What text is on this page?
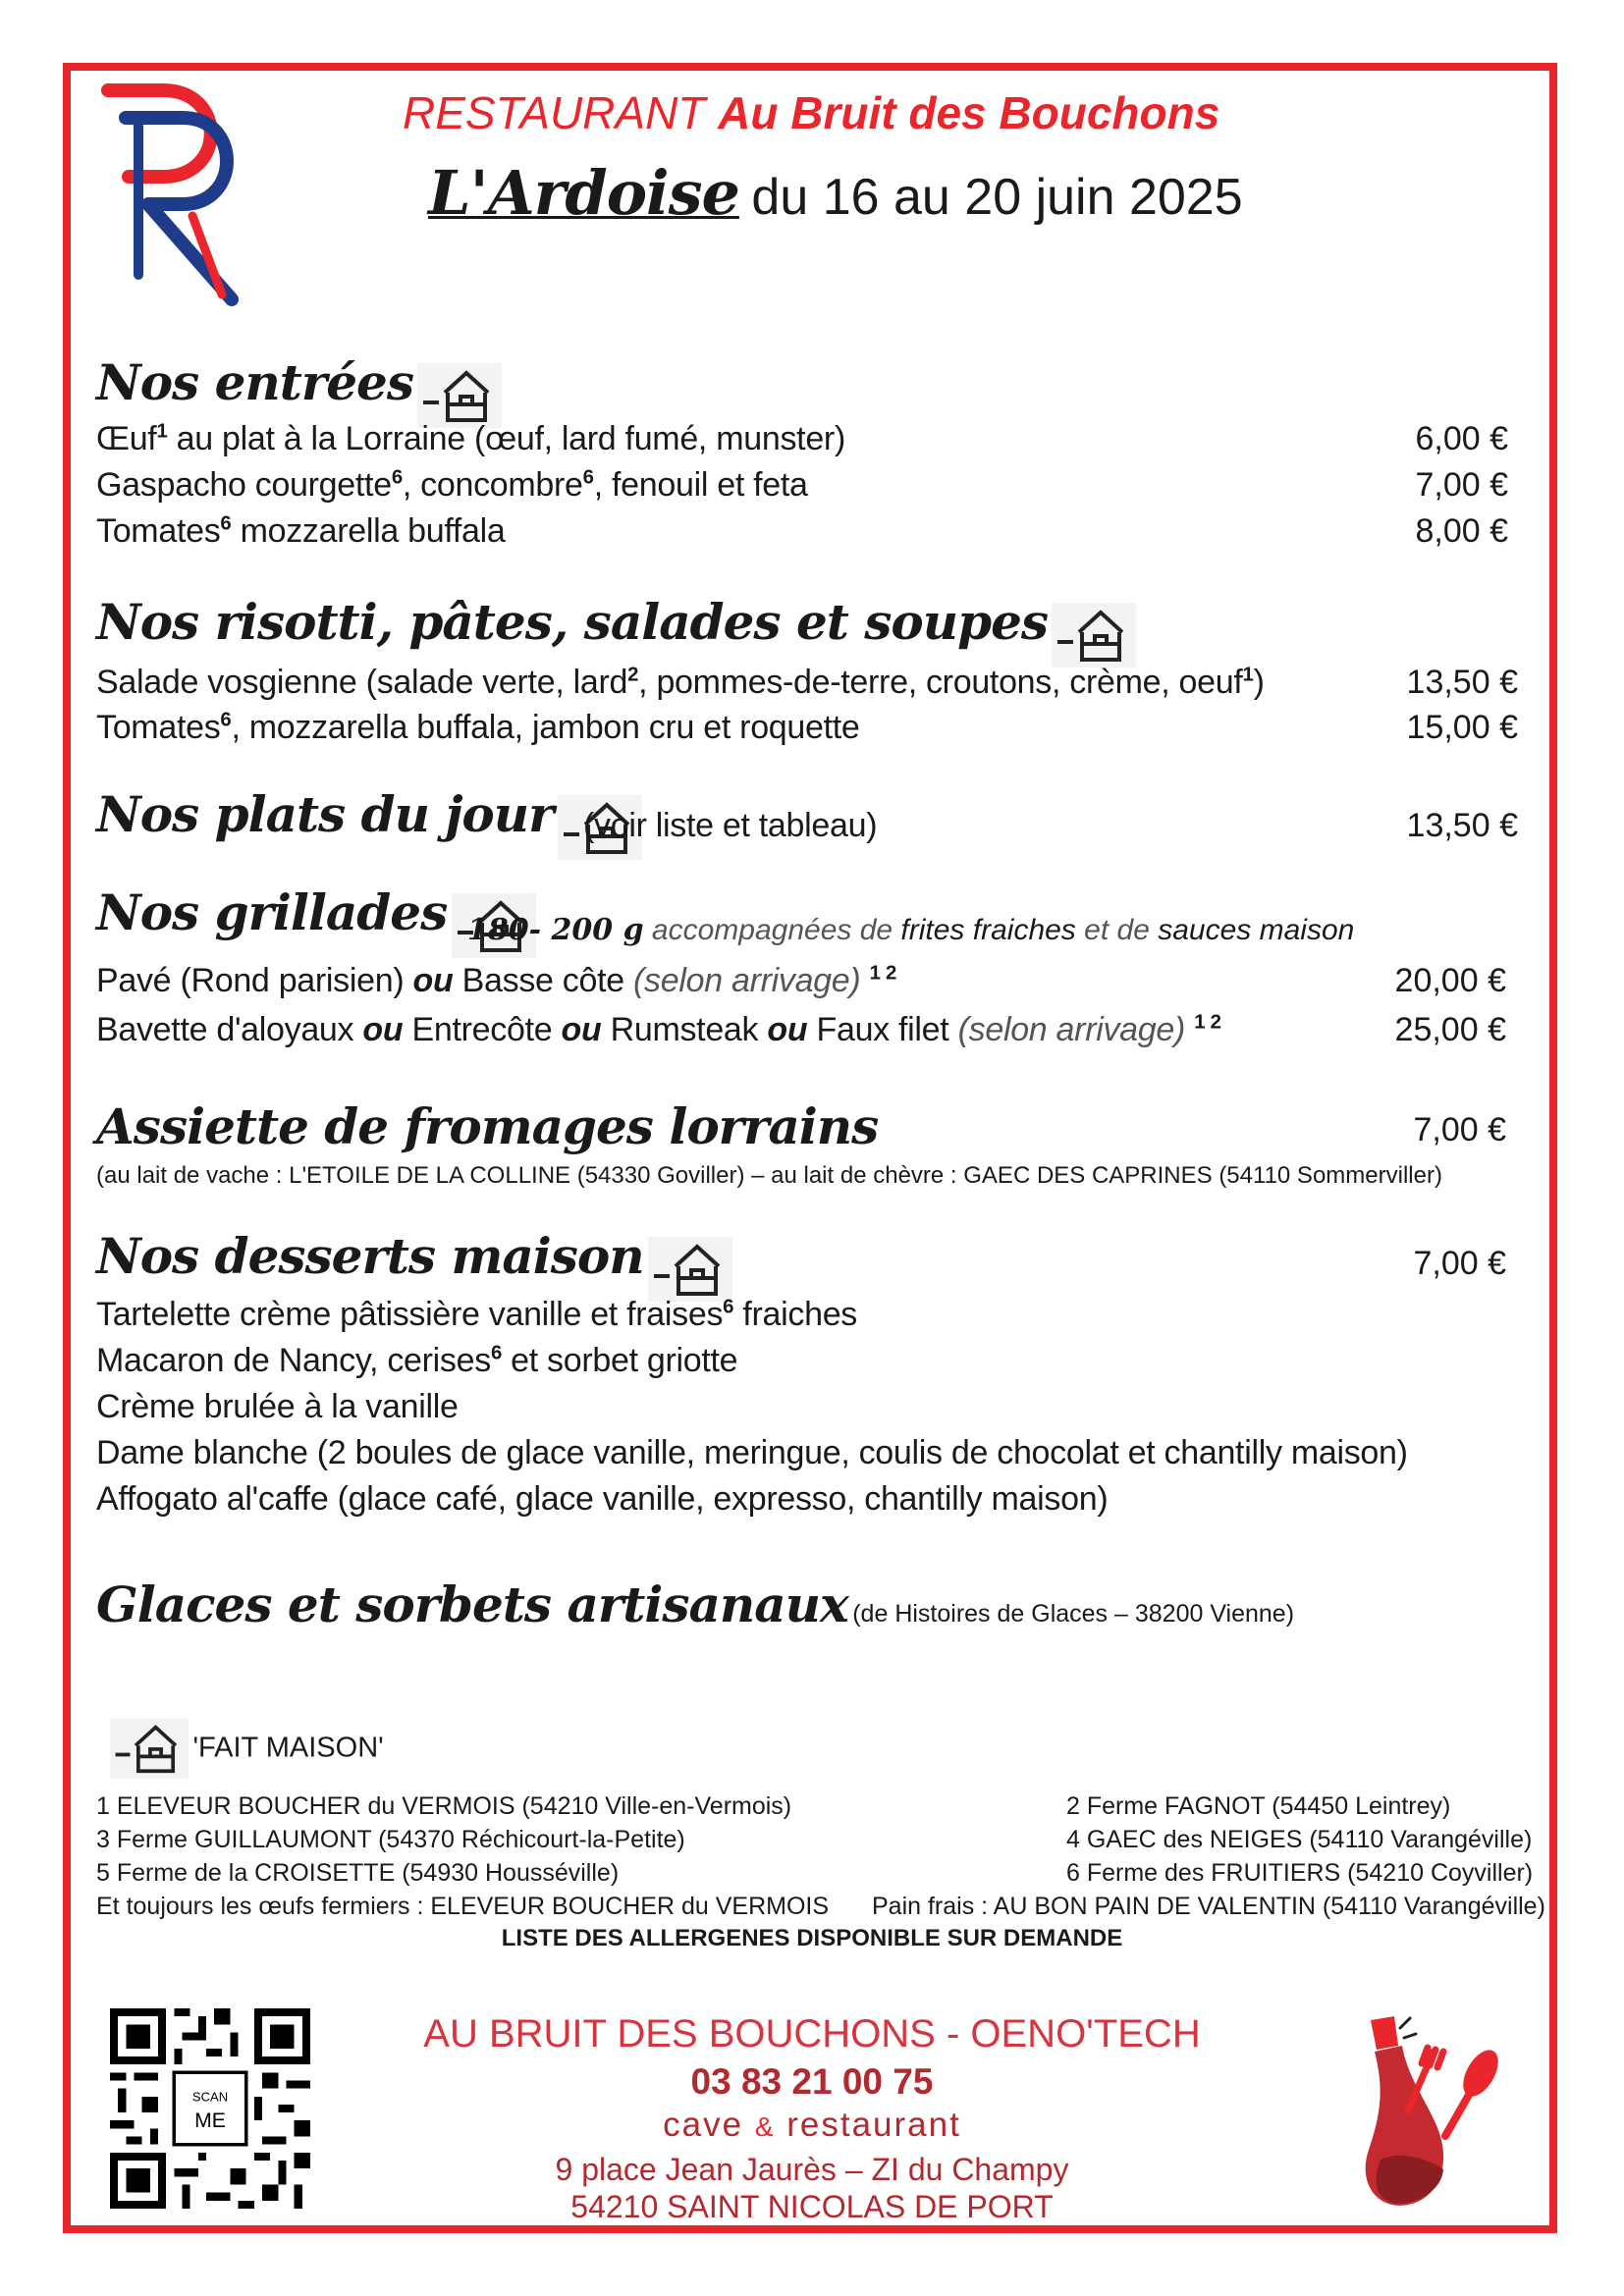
RESTAURANT Au Bruit des Bouchons
L'Ardoise du 16 au 20 juin 2025
Nos entrées
Œuf$^1$ au plat à la Lorraine (œuf, lard fumé, munster)	6,00 €
Gaspacho courgette$^6$, concombre$^6$, fenouil et feta	7,00 €
Tomates$^6$ mozzarella buffala	8,00 €
Nos risotti, pâtes, salades et soupes
Salade vosgienne (salade verte, lard$^2$, pommes-de-terre, croutons, crème, oeuf$^1$)	13,50 €
Tomates$^6$, mozzarella buffala, jambon cru et roquette	15,00 €
Nos plats du jour (voir liste et tableau)	13,50 €
Nos grillades 180- 200 g accompagnées de frites fraiches et de sauces maison
Pavé (Rond parisien) ou Basse côte (selon arrivage) $^{1 2}$	20,00 €
Bavette d'aloyaux ou Entrecôte ou Rumsteak ou Faux filet (selon arrivage) $^{1 2}$	25,00 €
Assiette de fromages lorrains	7,00 €
(au lait de vache : L'ETOILE DE LA COLLINE (54330 Goviller) – au lait de chèvre : GAEC DES CAPRINES (54110 Sommerviller)
Nos desserts maison	7,00 €
Tartelette crème pâtissière vanille et fraises$^6$ fraiches
Macaron de Nancy, cerises$^6$ et sorbet griotte
Crème brulée à la vanille
Dame blanche (2 boules de glace vanille, meringue, coulis de chocolat et chantilly maison)
Affogato al'caffe (glace café, glace vanille, expresso, chantilly maison)
Glaces et sorbets artisanaux (de Histoires de Glaces – 38200 Vienne)
'FAIT MAISON'
1 ELEVEUR BOUCHER du VERMOIS (54210 Ville-en-Vermois)	2 Ferme FAGNOT (54450 Leintrey)
3 Ferme GUILLAUMONT (54370 Réchicourt-la-Petite)	4 GAEC des NEIGES (54110 Varangéville)
5 Ferme de la CROISETTE (54930 Housséville)	6 Ferme des FRUITIERS (54210 Coyviller)
Et toujours les œufs fermiers : ELEVEUR BOUCHER du VERMOIS Pain frais : AU BON PAIN DE VALENTIN (54110 Varangéville)
LISTE DES ALLERGENES DISPONIBLE SUR DEMANDE
SCAN
ME
AU BRUIT DES BOUCHONS - OENO'TECH
03 83 21 00 75
cave & restaurant
9 place Jean Jaurès – ZI du Champy
54210 SAINT NICOLAS DE PORT
